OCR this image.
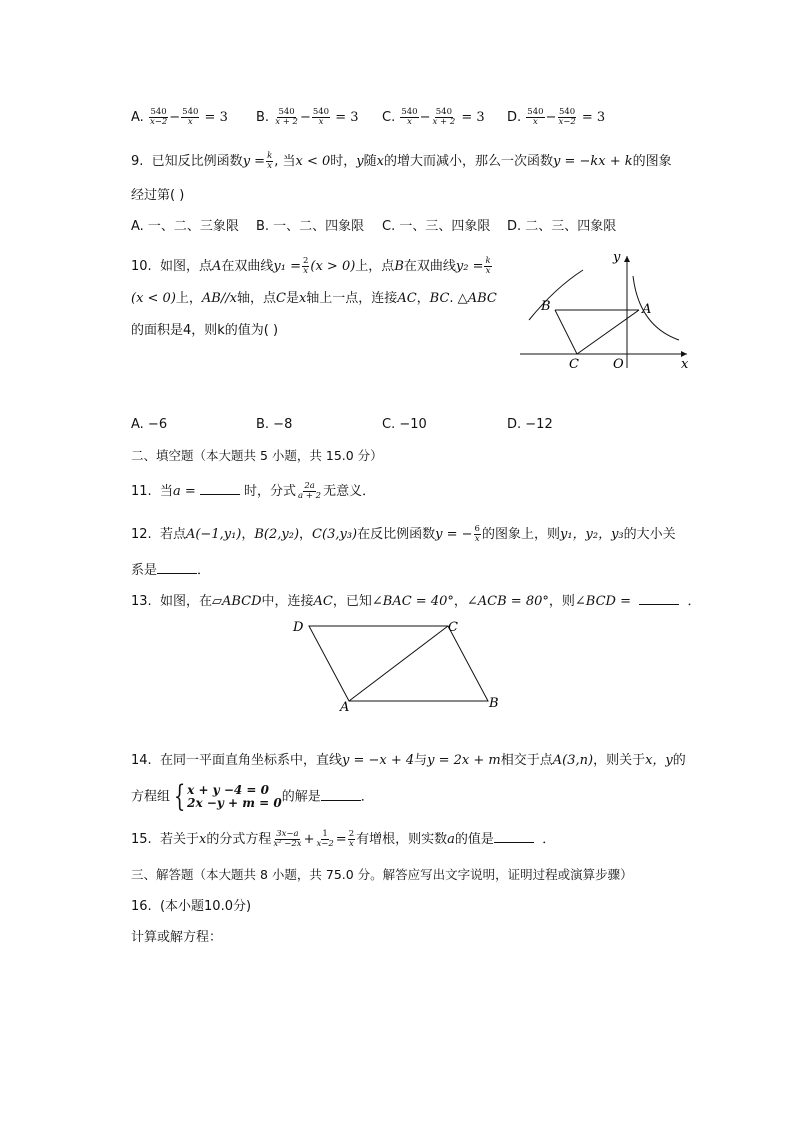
A. $\frac{540}{x-2} - \frac{540}{x} = 3$ B. $\frac{540}{x + 2} - \frac{540}{x} = 3$ C. $\frac{540}{x} - \frac{540}{x + 2} = 3$ D. $\frac{540}{x} - \frac{540}{x-2} = 3$
9. 已知反比例函数$y = \frac{k}{x}$ , 当x < 0时，y随x的增大而减小，那么一次函数y = −kx + k的图象
经过第( )
A. 一、二、三象限 B. 一、二、四象限 C. 一、三、四象限 D. 二、三、四象限
10. 如图，点A在双曲线$y_1 = \frac{2}{x} (x > 0)$上，点B在双曲线$y_2 = \frac{k}{x}$
(x < 0)上，AB//x轴，点C是x轴上一点，连接AC，BC. △ABC
的面积是4，则k的值为( )
y
x
B	A
C	O
A. −6	B. −8	C. −10	D. −12
二、填空题（本大题共 5 小题，共 15.0 分）
11. 当a =	时，分式 $\frac{2a}{a + 2}$ 无意义．
12. 若点A(−1,y₁)，B(2,y₂)，C(3,y₃)在反比例函数y = − $\frac{6}{x}$ 的图象上，则y₁，y₂，y₃的大小关
系是	．
13. 如图，在▱ABCD中，连接AC，已知∠BAC = 40°，∠ACB = 80°，则∠BCD =	．
D	C
A	B
14. 在同一平面直角坐标系中，直线y = −x + 4与y = 2x + m相交于点A(3,n)，则关于x，y的
方程组 { x + y −4 = 0
2x −y + m = 0 的解是	．
15. 若关于x的分式方程 $\frac{3x-a}{\text{x² −2x}} + \frac{1}{x-2} = \frac{2}{x}$ 有增根，则实数a的值是	．
三、解答题（本大题共 8 小题，共 75.0 分。解答应写出文字说明，证明过程或演算步骤）
16. (本小题10.0分)
计算或解方程：
